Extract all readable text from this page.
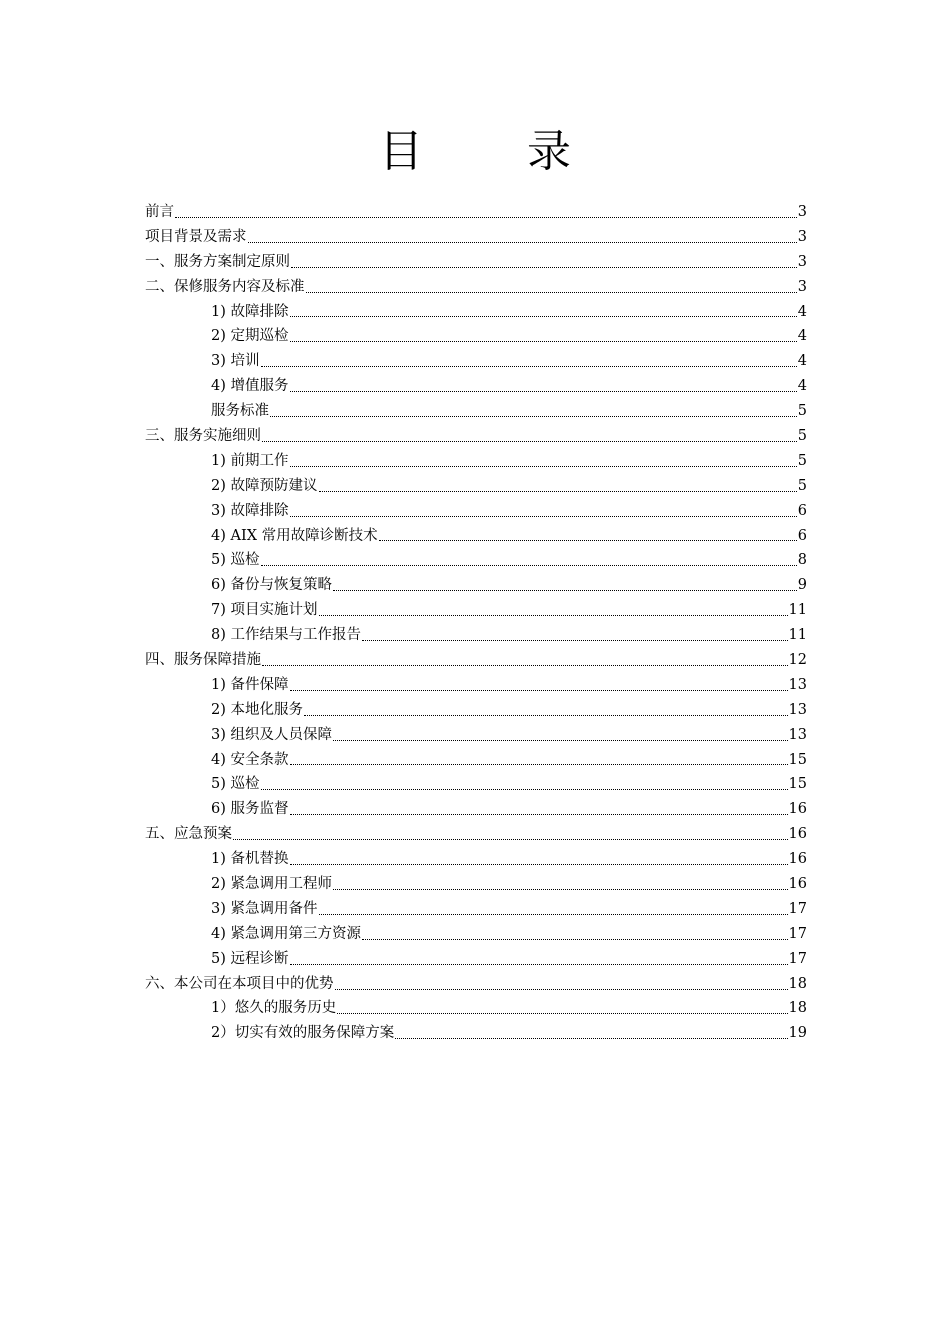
目　录
前言	3
项目背景及需求	3
一、服务方案制定原则	3
二、保修服务内容及标准	3
1) 故障排除	4
2) 定期巡检	4
3) 培训	4
4) 增值服务	4
服务标准	5
三、服务实施细则	5
1) 前期工作	5
2) 故障预防建议	5
3) 故障排除	6
4) AIX 常用故障诊断技术	6
5) 巡检	8
6) 备份与恢复策略	9
7) 项目实施计划	11
8) 工作结果与工作报告	11
四、服务保障措施	12
1) 备件保障	13
2) 本地化服务	13
3) 组织及人员保障	13
4) 安全条款	15
5) 巡检	15
6) 服务监督	16
五、应急预案	16
1) 备机替换	16
2) 紧急调用工程师	16
3) 紧急调用备件	17
4) 紧急调用第三方资源	17
5) 远程诊断	17
六、本公司在本项目中的优势	18
1）悠久的服务历史	18
2）切实有效的服务保障方案	19
